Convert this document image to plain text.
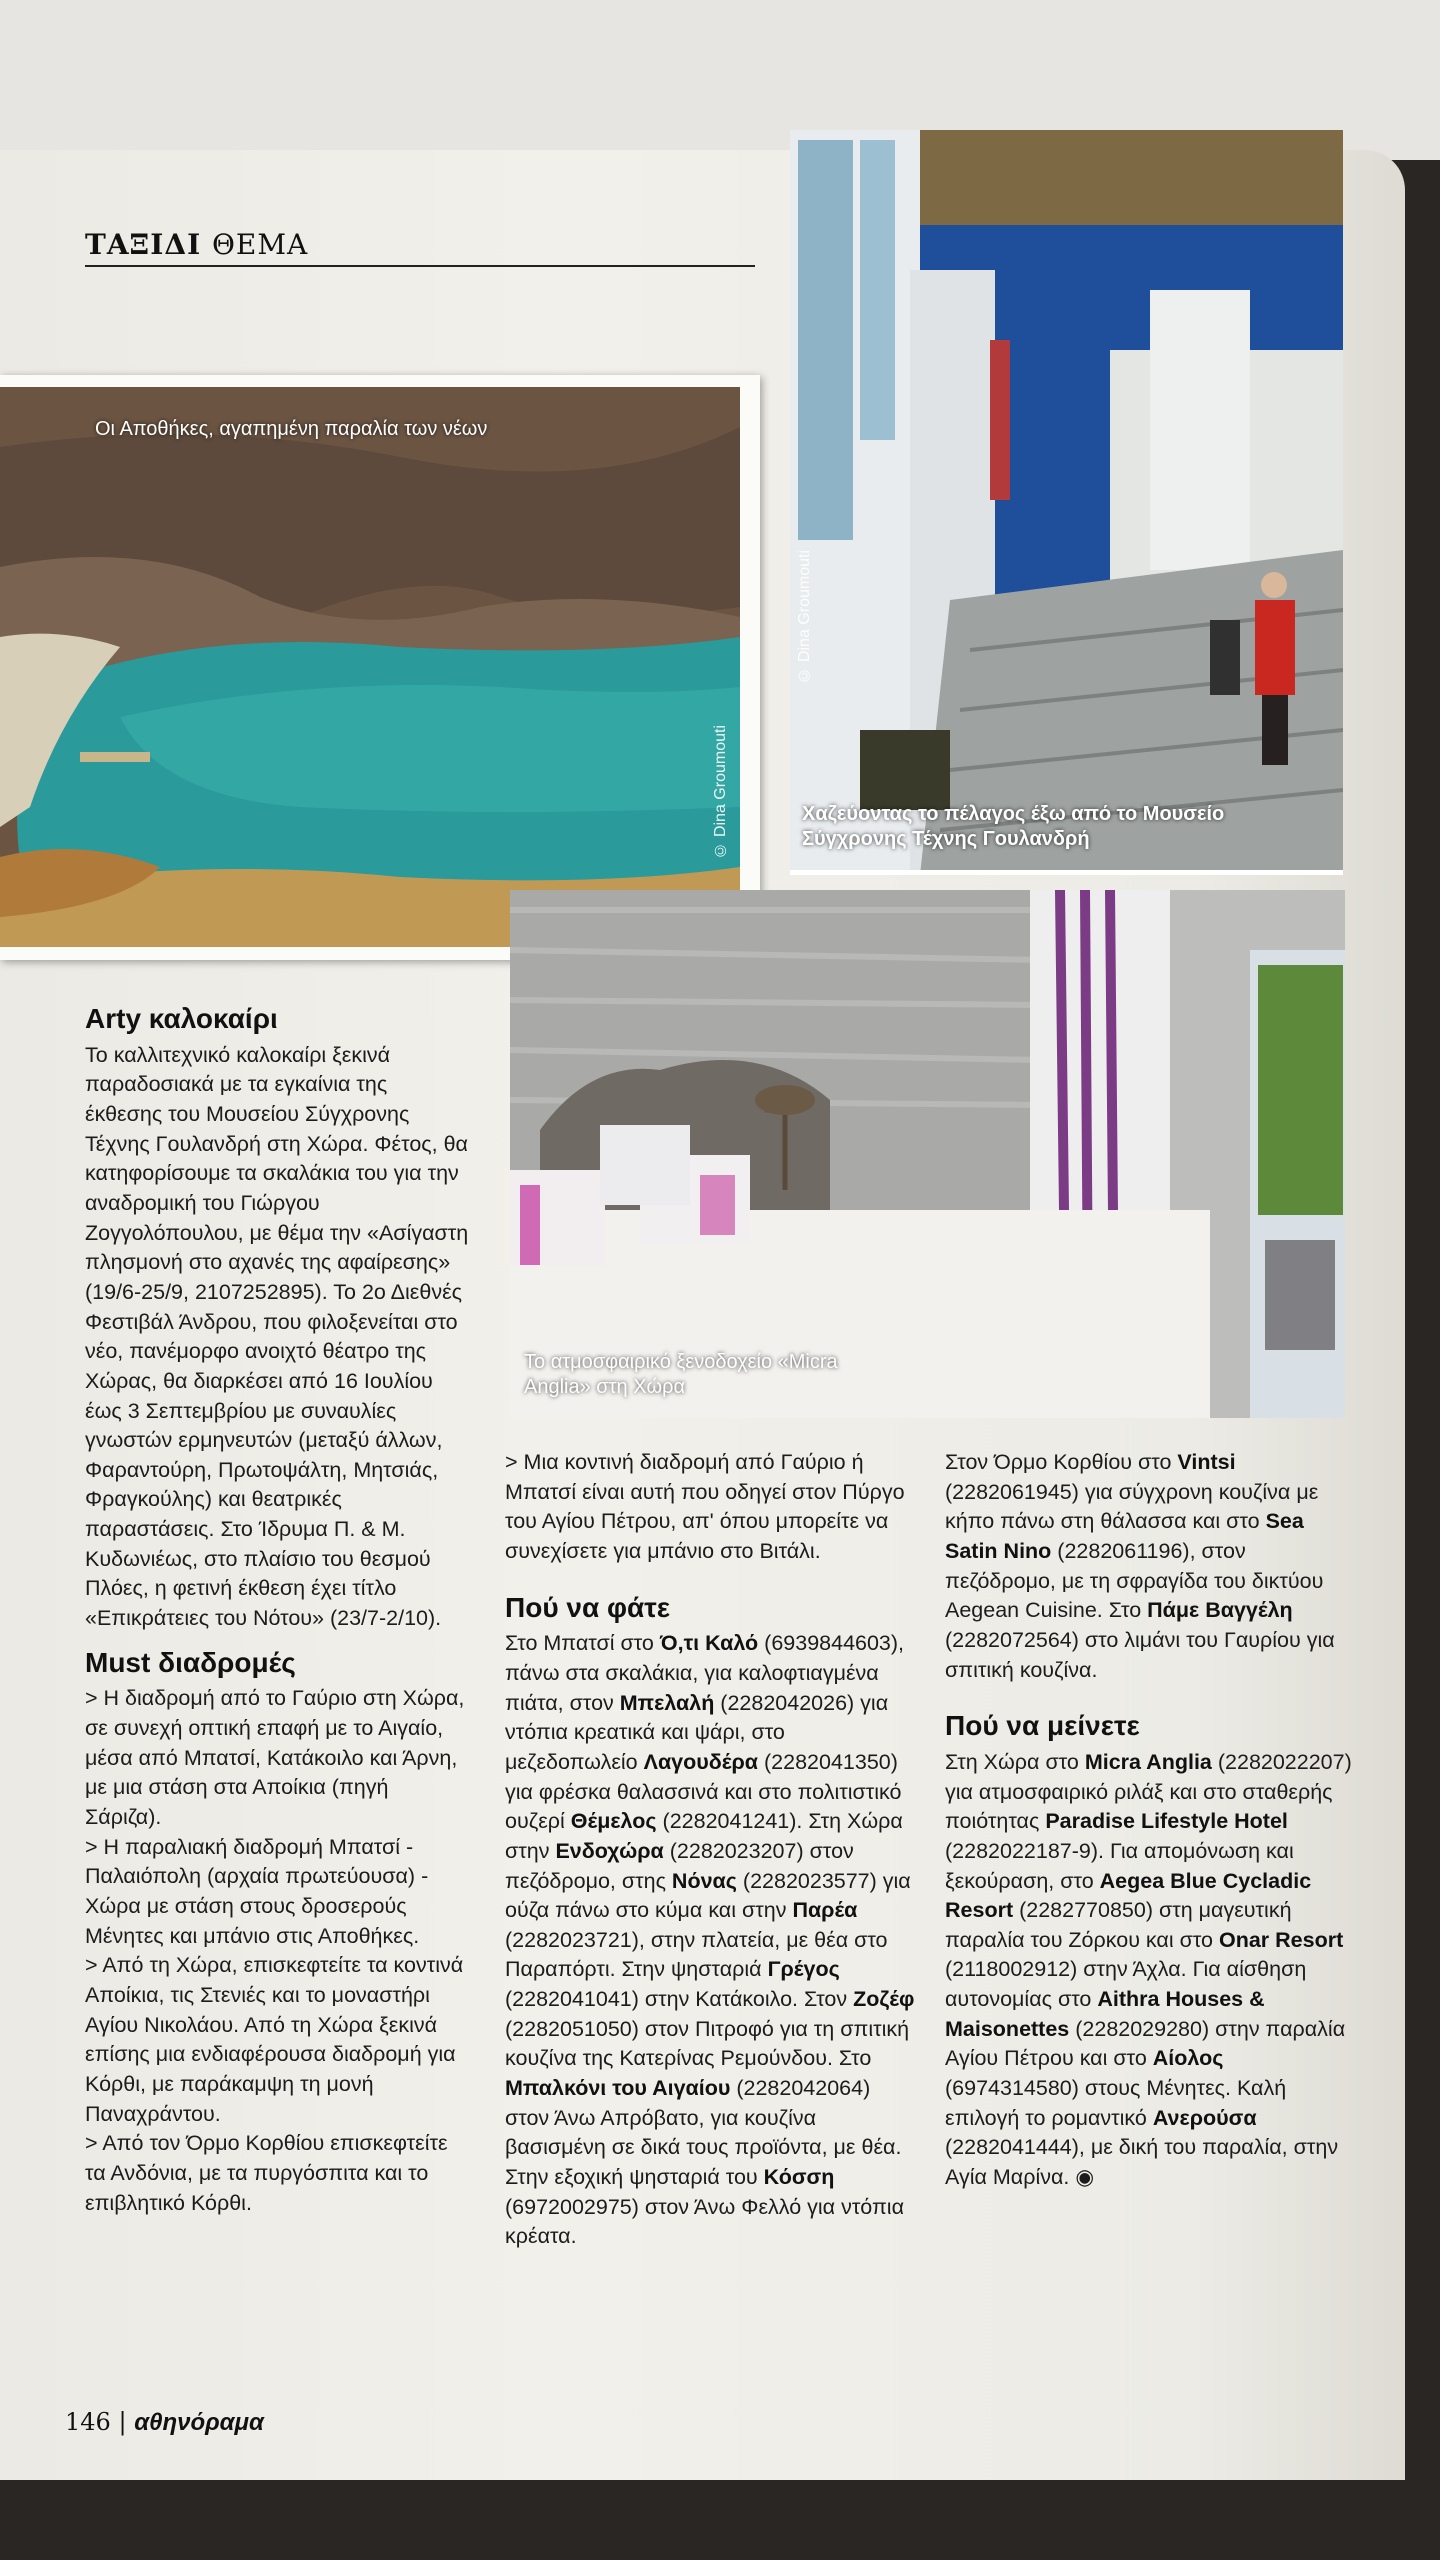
ΤΑΞΙΔΙ ΘΕΜΑ
Οι Αποθήκες, αγαπημένη παραλία των νέων
© Dina Groumouti	Χαζεύοντας το πέλαγος έξω από το Μουσείο Σύγχρονης Τέχνης Γουλανδρή
© Dina Groumouti
Το ατμοσφαιρικό ξενοδοχείο «Micra Anglia» στη Χώρα
Arty καλοκαίρι

Το καλλιτεχνικό καλοκαίρι ξεκινά παραδοσιακά με τα εγκαίνια της έκθεσης του Μουσείου Σύγχρονης Τέχνης Γουλανδρή στη Χώρα. Φέτος, θα κατηφορίσουμε τα σκαλάκια του για την αναδρομική του Γιώργου Ζογγολόπουλου, με θέμα την «Ασίγαστη πλησμονή στο αχανές της αφαίρεσης» (19/6-25/9, 2107252895). Το 2ο Διεθνές Φεστιβάλ Άνδρου, που φιλοξενείται στο νέο, πανέμορφο ανοιχτό θέατρο της Χώρας, θα διαρκέσει από 16 Ιουλίου έως 3 Σεπτεμβρίου με συναυλίες γνωστών ερμηνευτών (μεταξύ άλλων, Φαραντούρη, Πρωτοψάλτη, Μητσιάς, Φραγκούλης) και θεατρικές παραστάσεις. Στο Ίδρυμα Π. & Μ. Κυδωνιέως, στο πλαίσιο του θεσμού Πλόες, η φετινή έκθεση έχει τίτλο «Επικράτειες του Νότου» (23/7-2/10).

Must διαδρομές

> Η διαδρομή από το Γαύριο στη Χώρα, σε συνεχή οπτική επαφή με το Αιγαίο, μέσα από Μπατσί, Κατάκοιλο και Άρνη, με μια στάση στα Αποίκια (πηγή Σάριζα).

> Η παραλιακή διαδρομή Μπατσί - Παλαιόπολη (αρχαία πρωτεύουσα) - Χώρα με στάση στους δροσερούς Μένητες και μπάνιο στις Αποθήκες.

> Από τη Χώρα, επισκεφτείτε τα κοντινά Αποίκια, τις Στενιές και το μοναστήρι Αγίου Νικολάου. Από τη Χώρα ξεκινά επίσης μια ενδιαφέρουσα διαδρομή για Κόρθι, με παράκαμψη τη μονή Παναχράντου.

> Από τον Όρμο Κορθίου επισκεφτείτε τα Ανδόνια, με τα πυργόσπιτα και το επιβλητικό Κόρθι.

> Μια κοντινή διαδρομή από Γαύριο ή Μπατσί είναι αυτή που οδηγεί στον Πύργο του Αγίου Πέτρου, απ' όπου μπορείτε να συνεχίσετε για μπάνιο στο Βιτάλι.

Πού να φάτε

Στο Μπατσί στο Ό,τι Καλό (6939844603), πάνω στα σκαλάκια, για καλοφτιαγμένα πιάτα, στον Μπελαλή (2282042026) για ντόπια κρεατικά και ψάρι, στο μεζεδοπωλείο Λαγουδέρα (2282041350) για φρέσκα θαλασσινά και στο πολιτιστικό ουζερί Θέμελος (2282041241). Στη Χώρα στην Ενδοχώρα (2282023207) στον πεζόδρομο, στης Νόνας (2282023577) για ούζα πάνω στο κύμα και στην Παρέα (2282023721), στην πλατεία, με θέα στο Παραπόρτι. Στην ψησταριά Γρέγος (2282041041) στην Κατάκοιλο. Στον Ζοζέφ (2282051050) στον Πιτροφό για τη σπιτική κουζίνα της Κατερίνας Ρεμούνδου. Στο Μπαλκόνι του Αιγαίου (2282042064) στον Άνω Απρόβατο, για κουζίνα βασισμένη σε δικά τους προϊόντα, με θέα. Στην εξοχική ψησταριά του Κόσση (6972002975) στον Άνω Φελλό για ντόπια κρέατα.

Στον Όρμο Κορθίου στο Vintsi (2282061945) για σύγχρονη κουζίνα με κήπο πάνω στη θάλασσα και στο Sea Satin Nino (2282061196), στον πεζόδρομο, με τη σφραγίδα του δικτύου Aegean Cuisine. Στο Πάμε Βαγγέλη (2282072564) στο λιμάνι του Γαυρίου για σπιτική κουζίνα.

Πού να μείνετε

Στη Χώρα στο Micra Anglia (2282022207) για ατμοσφαιρικό ριλάξ και στο σταθερής ποιότητας Paradise Lifestyle Hotel (2282022187-9). Για απομόνωση και ξεκούραση, στο Aegea Blue Cycladic Resort (2282770850) στη μαγευτική παραλία του Ζόρκου και στο Onar Resort (2118002912) στην Άχλα. Για αίσθηση αυτονομίας στο Aithra Houses & Maisonettes (2282029280) στην παραλία Αγίου Πέτρου και στο Αίολος (6974314580) στους Μένητες. Καλή επιλογή το ρομαντικό Ανερούσα (2282041444), με δική του παραλία, στην Αγία Μαρίνα. ◉

146 | αθηνόραμα
